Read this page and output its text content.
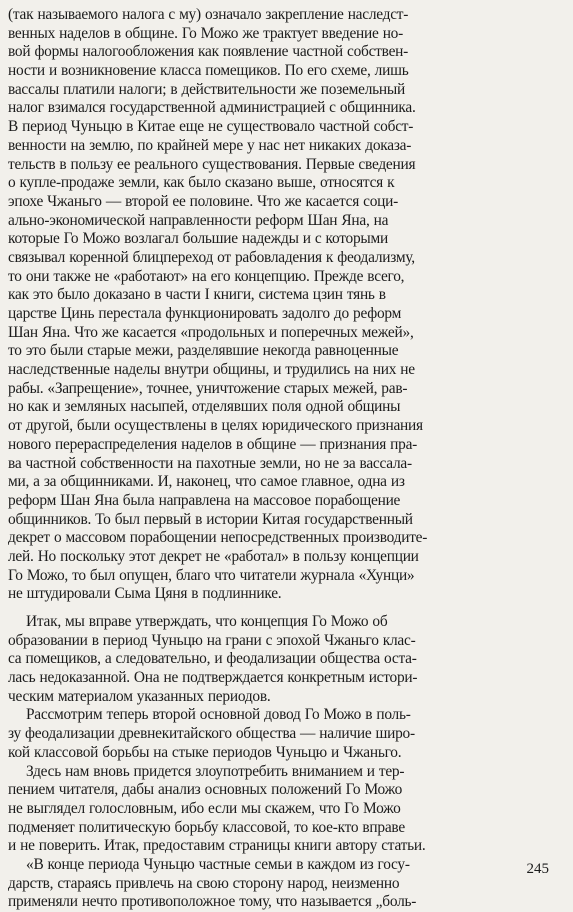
(так называемого налога с му) означало закрепление наследст-
венных наделов в общине. Го Можо же трактует введение но-
вой формы налогообложения как появление частной собствен-
ности и возникновение класса помещиков. По его схеме, лишь
вассалы платили налоги; в действительности же поземельный
налог взимался государственной администрацией с общинника.
В период Чуньцю в Китае еще не существовало частной собст-
венности на землю, по крайней мере у нас нет никаких доказа-
тельств в пользу ее реального существования. Первые сведения
о купле-продаже земли, как было сказано выше, относятся к
эпохе Чжаньго — второй ее половине. Что же касается соци-
ально-экономической направленности реформ Шан Яна, на
которые Го Можо возлагал большие надежды и с которыми
связывал коренной блицпереход от рабовладения к феодализму,
то они также не «работают» на его концепцию. Прежде всего,
как это было доказано в части I книги, система цзин тянь в
царстве Цинь перестала функционировать задолго до реформ
Шан Яна. Что же касается «продольных и поперечных межей»,
то это были старые межи, разделявшие некогда равноценные
наследственные наделы внутри общины, и трудились на них не
рабы. «Запрещение», точнее, уничтожение старых межей, рав-
но как и земляных насыпей, отделявших поля одной общины
от другой, были осуществлены в целях юридического признания
нового перераспределения наделов в общине — признания пра-
ва частной собственности на пахотные земли, но не за вассала-
ми, а за общинниками. И, наконец, что самое главное, одна из
реформ Шан Яна была направлена на массовое порабощение
общинников. То был первый в истории Китая государственный
декрет о массовом порабощении непосредственных производите-
лей. Но поскольку этот декрет не «работал» в пользу концепции
Го Можо, то был опущен, благо что читатели журнала «Хунци»
не штудировали Сыма Цяня в подлиннике.
Итак, мы вправе утверждать, что концепция Го Можо об
образовании в период Чуньцю на грани с эпохой Чжаньго клас-
са помещиков, а следовательно, и феодализации общества оста-
лась недоказанной. Она не подтверждается конкретным истори-
ческим материалом указанных периодов.
Рассмотрим теперь второй основной довод Го Можо в поль-
зу феодализации древнекитайского общества — наличие широ-
кой классовой борьбы на стыке периодов Чуньцю и Чжаньго.
Здесь нам вновь придется злоупотребить вниманием и тер-
пением читателя, дабы анализ основных положений Го Можо
не выглядел голословным, ибо если мы скажем, что Го Можо
подменяет политическую борьбу классовой, то кое-кто вправе
и не поверить. Итак, предоставим страницы книги автору статьи.
«В конце периода Чуньцю частные семьи в каждом из госу-
дарств, стараясь привлечь на свою сторону народ, неизменно
применяли нечто противоположное тому, что называется „боль-
245
